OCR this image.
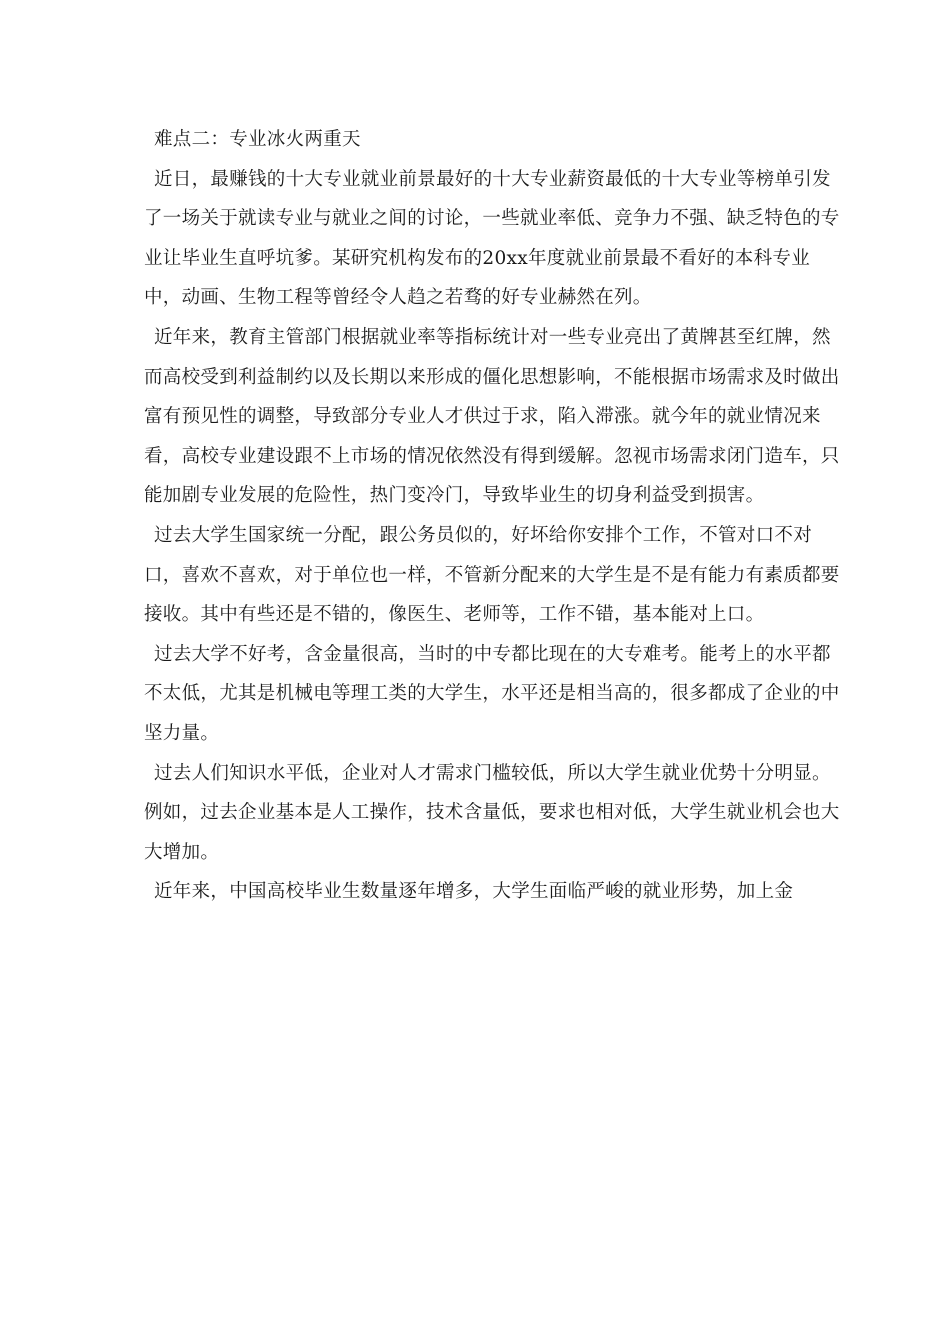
难点二：专业冰火两重天

近日，最赚钱的十大专业就业前景最好的十大专业薪资最低的十大专业等榜单引发了一场关于就读专业与就业之间的讨论，一些就业率低、竞争力不强、缺乏特色的专业让毕业生直呼坑爹。某研究机构发布的20xx年度就业前景最不看好的本科专业中，动画、生物工程等曾经令人趋之若骛的好专业赫然在列。

近年来，教育主管部门根据就业率等指标统计对一些专业亮出了黄牌甚至红牌，然而高校受到利益制约以及长期以来形成的僵化思想影响，不能根据市场需求及时做出富有预见性的调整，导致部分专业人才供过于求，陷入滞涨。就今年的就业情况来看，高校专业建设跟不上市场的情况依然没有得到缓解。忽视市场需求闭门造车，只能加剧专业发展的危险性，热门变冷门，导致毕业生的切身利益受到损害。

过去大学生国家统一分配，跟公务员似的，好坏给你安排个工作，不管对口不对口，喜欢不喜欢，对于单位也一样，不管新分配来的大学生是不是有能力有素质都要接收。其中有些还是不错的，像医生、老师等，工作不错，基本能对上口。

过去大学不好考，含金量很高，当时的中专都比现在的大专难考。能考上的水平都不太低，尤其是机械电等理工类的大学生，水平还是相当高的，很多都成了企业的中坚力量。

过去人们知识水平低，企业对人才需求门槛较低，所以大学生就业优势十分明显。例如，过去企业基本是人工操作，技术含量低，要求也相对低，大学生就业机会也大大增加。

近年来，中国高校毕业生数量逐年增多，大学生面临严峻的就业形势，加上金
